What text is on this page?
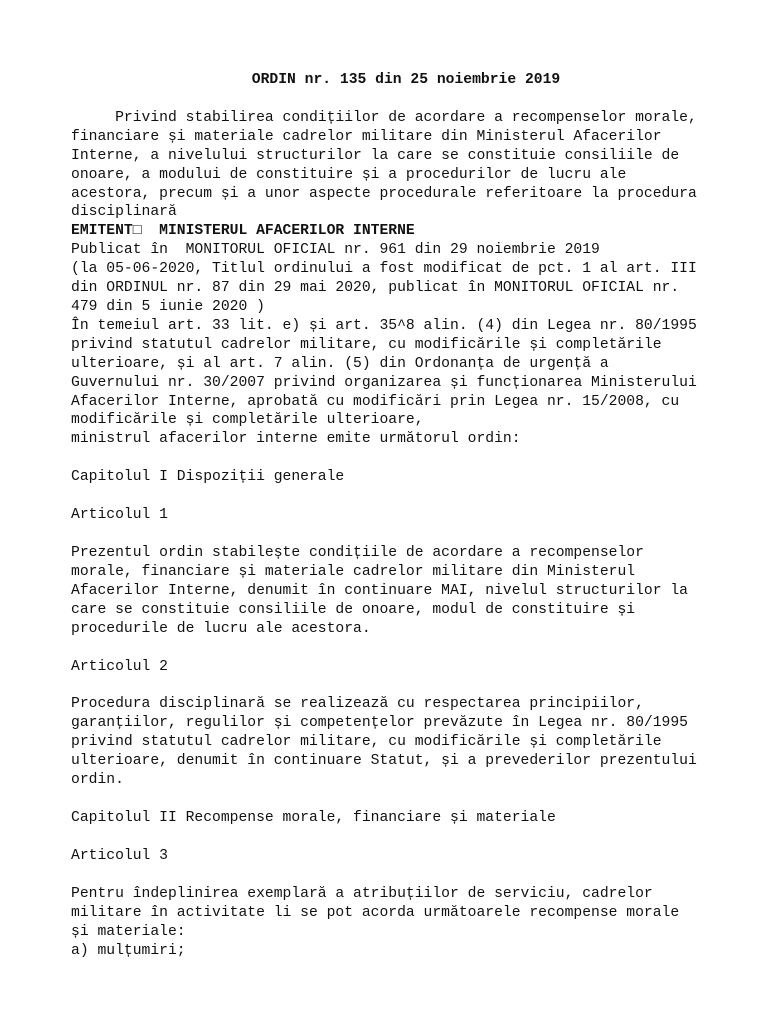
ORDIN nr. 135 din 25 noiembrie 2019
Privind stabilirea condițiilor de acordare a recompenselor morale,
financiare și materiale cadrelor militare din Ministerul Afacerilor
Interne, a nivelului structurilor la care se constituie consiliile de
onoare, a modului de constituire și a procedurilor de lucru ale
acestora, precum și a unor aspecte procedurale referitoare la procedura
disciplinară
EMITENT□  MINISTERUL AFACERILOR INTERNE
Publicat în  MONITORUL OFICIAL nr. 961 din 29 noiembrie 2019
(la 05-06-2020, Titlul ordinului a fost modificat de pct. 1 al art. III
din ORDINUL nr. 87 din 29 mai 2020, publicat în MONITORUL OFICIAL nr.
479 din 5 iunie 2020 )
În temeiul art. 33 lit. e) și art. 35^8 alin. (4) din Legea nr. 80/1995
privind statutul cadrelor militare, cu modificările și completările
ulterioare, și al art. 7 alin. (5) din Ordonanța de urgență a
Guvernului nr. 30/2007 privind organizarea și funcționarea Ministerului
Afacerilor Interne, aprobată cu modificări prin Legea nr. 15/2008, cu
modificările și completările ulterioare,
ministrul afacerilor interne emite următorul ordin:
Capitolul I Dispoziții generale
Articolul 1
Prezentul ordin stabilește condițiile de acordare a recompenselor
morale, financiare și materiale cadrelor militare din Ministerul
Afacerilor Interne, denumit în continuare MAI, nivelul structurilor la
care se constituie consiliile de onoare, modul de constituire și
procedurile de lucru ale acestora.
Articolul 2
Procedura disciplinară se realizează cu respectarea principiilor,
garanțiilor, regulilor și competențelor prevăzute în Legea nr. 80/1995
privind statutul cadrelor militare, cu modificările și completările
ulterioare, denumit în continuare Statut, și a prevederilor prezentului
ordin.
Capitolul II Recompense morale, financiare și materiale
Articolul 3
Pentru îndeplinirea exemplară a atribuțiilor de serviciu, cadrelor
militare în activitate li se pot acorda următoarele recompense morale
și materiale:
a) mulțumiri;
